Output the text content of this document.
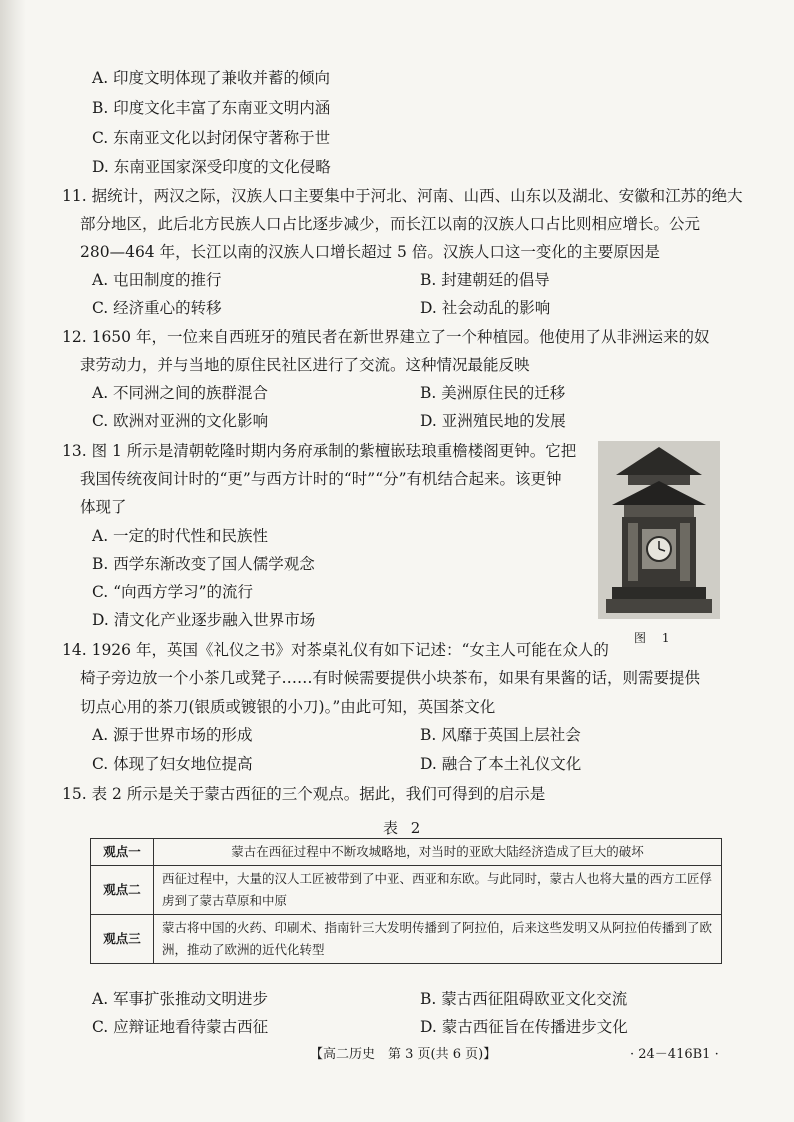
A. 印度文明体现了兼收并蓄的倾向
B. 印度文化丰富了东南亚文明内涵
C. 东南亚文化以封闭保守著称于世
D. 东南亚国家深受印度的文化侵略
11. 据统计，两汉之际，汉族人口主要集中于河北、河南、山西、山东以及湖北、安徽和江苏的绝大
部分地区，此后北方民族人口占比逐步减少，而长江以南的汉族人口占比则相应增长。公元
280—464 年，长江以南的汉族人口增长超过 5 倍。汉族人口这一变化的主要原因是
A. 屯田制度的推行	B. 封建朝廷的倡导
C. 经济重心的转移	D. 社会动乱的影响
12. 1650 年，一位来自西班牙的殖民者在新世界建立了一个种植园。他使用了从非洲运来的奴
隶劳动力，并与当地的原住民社区进行了交流。这种情况最能反映
A. 不同洲之间的族群混合	B. 美洲原住民的迁移
C. 欧洲对亚洲的文化影响	D. 亚洲殖民地的发展
13. 图 1 所示是清朝乾隆时期内务府承制的紫檀嵌珐琅重檐楼阁更钟。它把
我国传统夜间计时的“更”与西方计时的“时”“分”有机结合起来。该更钟
体现了
A. 一定的时代性和民族性
B. 西学东渐改变了国人儒学观念
C. “向西方学习”的流行
D. 清文化产业逐步融入世界市场
图 1
14. 1926 年，英国《礼仪之书》对茶桌礼仪有如下记述：“女主人可能在众人的
椅子旁边放一个小茶几或凳子……有时候需要提供小块茶布，如果有果酱的话，则需要提供
切点心用的茶刀(银质或镀银的小刀)。”由此可知，英国茶文化
A. 源于世界市场的形成	B. 风靡于英国上层社会
C. 体现了妇女地位提高	D. 融合了本土礼仪文化
15. 表 2 所示是关于蒙古西征的三个观点。据此，我们可得到的启示是
表 2
观点一	蒙古在西征过程中不断攻城略地，对当时的亚欧大陆经济造成了巨大的破坏
观点二	西征过程中，大量的汉人工匠被带到了中亚、西亚和东欧。与此同时，蒙古人也将大量的西方工匠俘虏到了蒙古草原和中原
观点三	蒙古将中国的火药、印刷术、指南针三大发明传播到了阿拉伯，后来这些发明又从阿拉伯传播到了欧洲，推动了欧洲的近代化转型
A. 军事扩张推动文明进步	B. 蒙古西征阻碍欧亚文化交流
C. 应辩证地看待蒙古西征	D. 蒙古西征旨在传播进步文化
【高二历史　第 3 页(共 6 页)】	· 24－416B1 ·
